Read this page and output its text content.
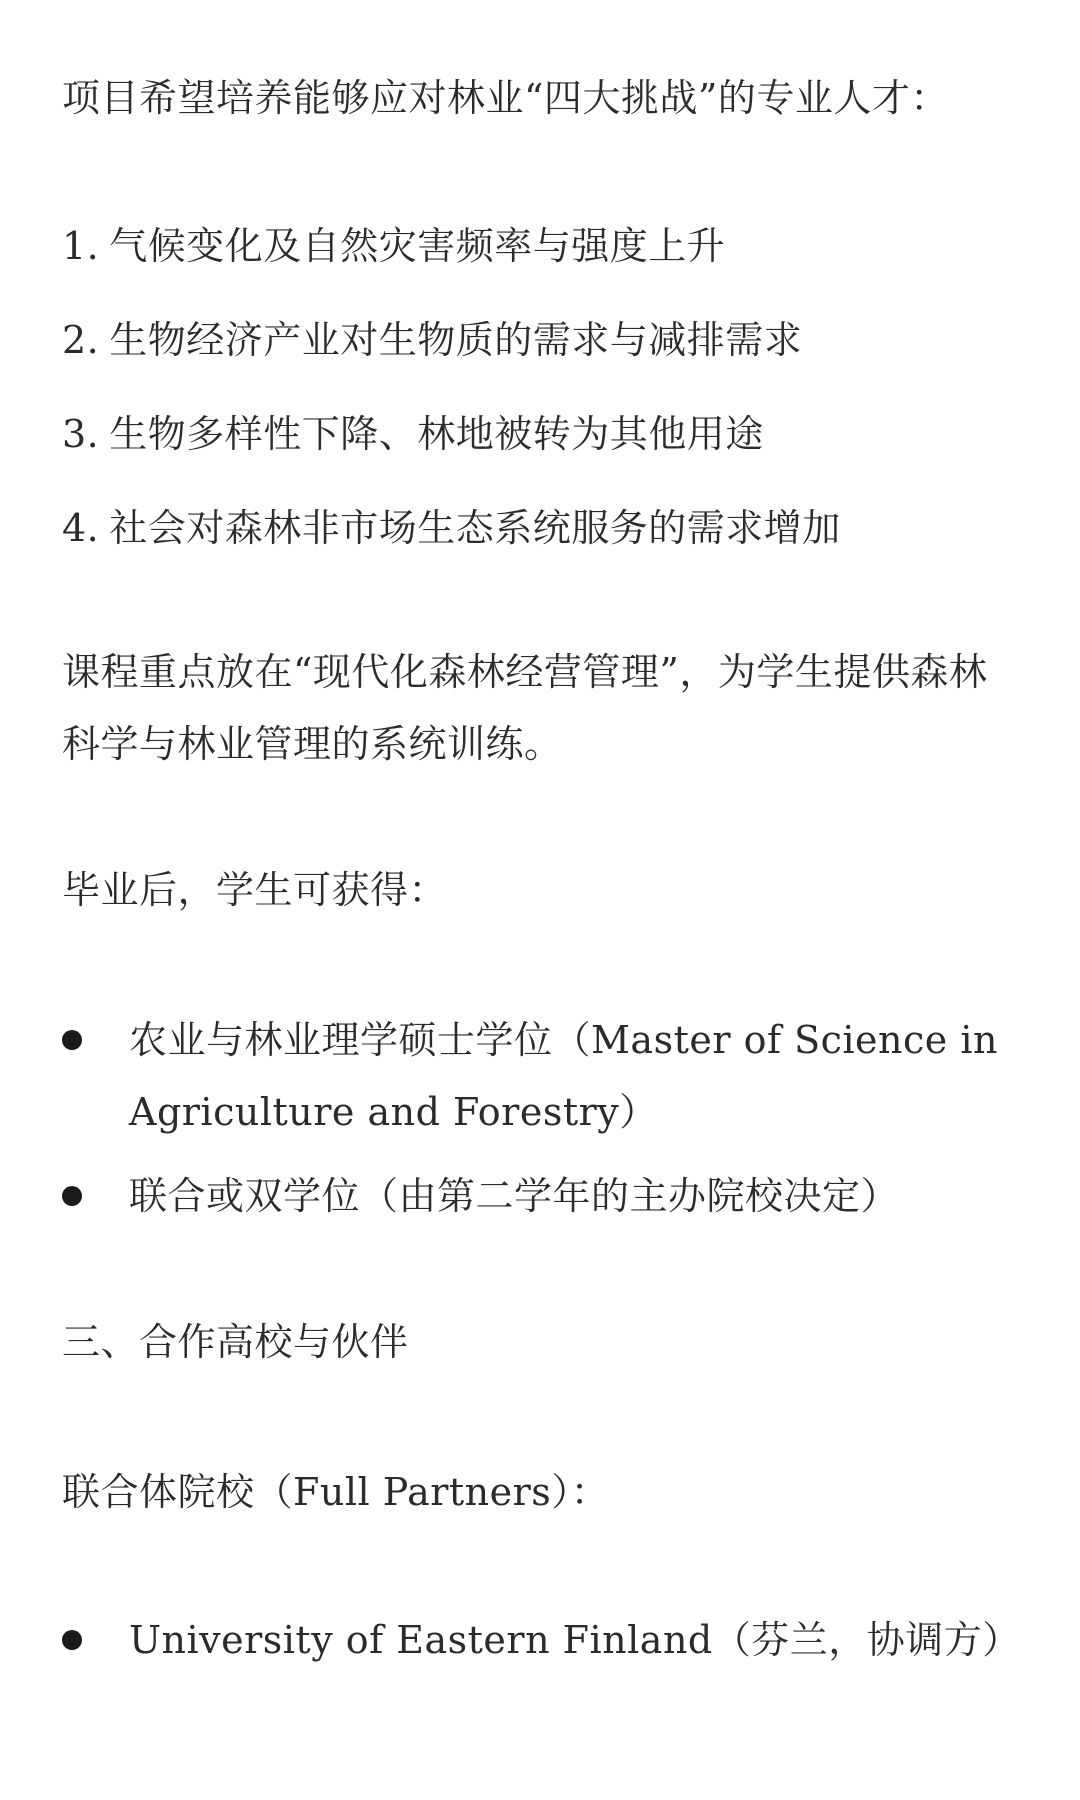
项目希望培养能够应对林业“四大挑战”的专业人才：

1. 气候变化及自然灾害频率与强度上升
2. 生物经济产业对生物质的需求与减排需求
3. 生物多样性下降、林地被转为其他用途
4. 社会对森林非市场生态系统服务的需求增加

课程重点放在“现代化森林经营管理”，为学生提供森林科学与林业管理的系统训练。

毕业后，学生可获得：

农业与林业理学硕士学位（Master of Science in Agriculture and Forestry）
联合或双学位（由第二学年的主办院校决定）

三、合作高校与伙伴

联合体院校（Full Partners）：

University of Eastern Finland（芬兰，协调方）
